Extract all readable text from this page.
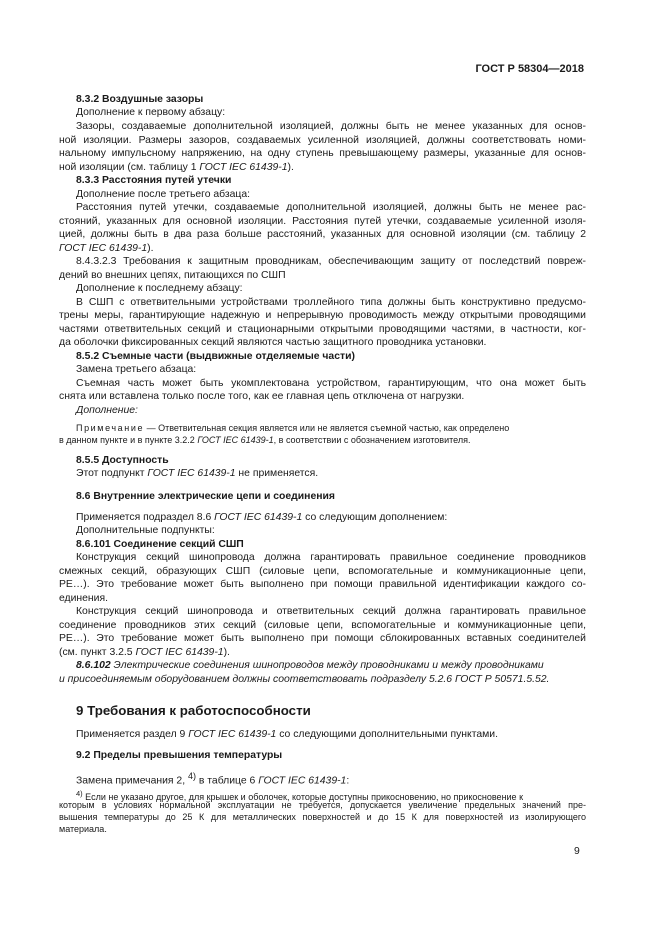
ГОСТ Р 58304—2018
8.3.2 Воздушные зазоры
Дополнение к первому абзацу:
Зазоры, создаваемые дополнительной изоляцией, должны быть не менее указанных для основ-
ной изоляции. Размеры зазоров, создаваемых усиленной изоляцией, должны соответствовать номи-
нальному импульсному напряжению, на одну ступень превышающему размеры, указанные для основ-
ной изоляции (см. таблицу 1 ГОСТ IEC 61439-1).
8.3.3 Расстояния путей утечки
Дополнение после третьего абзаца:
Расстояния путей утечки, создаваемые дополнительной изоляцией, должны быть не менее рас-
стояний, указанных для основной изоляции. Расстояния путей утечки, создаваемые усиленной изоля-
цией, должны быть в два раза больше расстояний, указанных для основной изоляции (см. таблицу 2
ГОСТ IEC 61439-1).
8.4.3.2.3 Требования к защитным проводникам, обеспечивающим защиту от последствий повреж-
дений во внешних цепях, питающихся по СШП
Дополнение к последнему абзацу:
В СШП с ответвительными устройствами троллейного типа должны быть конструктивно предусмо-
трены меры, гарантирующие надежную и непрерывную проводимость между открытыми проводящими
частями ответвительных секций и стационарными открытыми проводящими частями, в частности, ког-
да оболочки фиксированных секций являются частью защитного проводника установки.
8.5.2 Съемные части (выдвижные отделяемые части)
Замена третьего абзаца:
Съемная часть может быть укомплектована устройством, гарантирующим, что она может быть
снята или вставлена только после того, как ее главная цепь отключена от нагрузки.
Дополнение:
Примечание — Ответвительная секция является или не является съемной частью, как определено
в данном пункте и в пункте 3.2.2 ГОСТ IEC 61439-1, в соответствии с обозначением изготовителя.
8.5.5 Доступность
Этот подпункт ГОСТ IEC 61439-1 не применяется.
8.6 Внутренние электрические цепи и соединения
Применяется подраздел 8.6 ГОСТ IEC 61439-1 со следующим дополнением:
Дополнительные подпункты:
8.6.101 Соединение секций СШП
Конструкция секций шинопровода должна гарантировать правильное соединение проводников
смежных секций, образующих СШП (силовые цепи, вспомогательные и коммуникационные цепи,
PE…). Это требование может быть выполнено при помощи правильной идентификации каждого со-
единения.
Конструкция секций шинопровода и ответвительных секций должна гарантировать правильное
соединение проводников этих секций (силовые цепи, вспомогательные и коммуникационные цепи,
PE…). Это требование может быть выполнено при помощи сблокированных вставных соединителей
(см. пункт 3.2.5 ГОСТ IEC 61439-1).
8.6.102 Электрические соединения шинопроводов между проводниками и между проводниками
и присоединяемым оборудованием должны соответствовать подразделу 5.2.6 ГОСТ Р 50571.5.52.
9 Требования к работоспособности
Применяется раздел 9 ГОСТ IEC 61439-1 со следующими дополнительными пунктами.
9.2 Пределы превышения температуры
Замена примечания 2, $^{4)}$ в таблице 6 ГОСТ IEC 61439-1:
$^{4)}$ Если не указано другое, для крышек и оболочек, которые доступны прикосновению, но прикосновение к
которым в условиях нормальной эксплуатации не требуется, допускается увеличение предельных значений пре-
вышения температуры до 25 К для металлических поверхностей и до 15 К для поверхностей из изолирующего
материала.
9
